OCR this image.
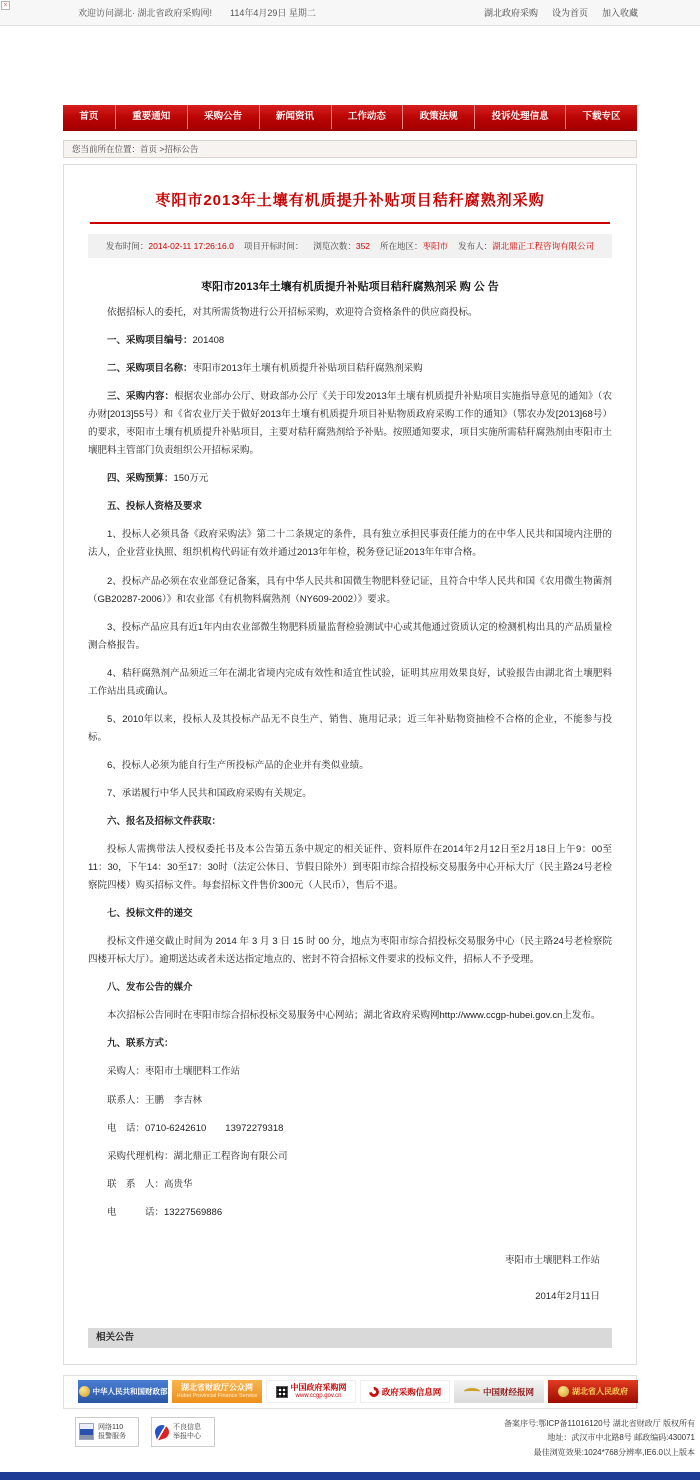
×
欢迎访问湖北· 湖北省政府采购网! 114年4月29日 星期二	湖北政府采购 设为首页 加入收藏
首页	重要通知	采购公告	新闻资讯	工作动态	政策法规	投诉处理信息	下载专区
您当前所在位置：首页 >招标公告
枣阳市2013年土壤有机质提升补贴项目秸秆腐熟剂采购
发布时间：2014-02-11 17:26:16.0 项目开标时间： 浏览次数：352 所在地区：枣阳市 发布人：湖北鼎正工程咨询有限公司
枣阳市2013年土壤有机质提升补贴项目秸秆腐熟剂采 购 公 告

依据招标人的委托，对其所需货物进行公开招标采购，欢迎符合资格条件的供应商投标。

一、采购项目编号：201408

二、采购项目名称：枣阳市2013年土壤有机质提升补贴项目秸秆腐熟剂采购

三、采购内容：根据农业部办公厅、财政部办公厅《关于印发2013年土壤有机质提升补贴项目实施指导意见的通知》（农办财[2013]55号）和《省农业厅关于做好2013年土壤有机质提升项目补贴物质政府采购工作的通知》（鄂农办发[2013]68号）的要求，枣阳市土壤有机质提升补贴项目，主要对秸秆腐熟剂给予补贴。按照通知要求，项目实施所需秸秆腐熟剂由枣阳市土壤肥料主管部门负责组织公开招标采购。

四、采购预算：150万元

五、投标人资格及要求

1、投标人必须具备《政府采购法》第二十二条规定的条件，具有独立承担民事责任能力的在中华人民共和国境内注册的法人，企业营业执照、组织机构代码证有效并通过2013年年检，税务登记证2013年年审合格。

2、投标产品必须在农业部登记备案，具有中华人民共和国微生物肥料登记证，且符合中华人民共和国《农用微生物菌剂（GB20287-2006）》和农业部《有机物料腐熟剂（NY609-2002）》要求。

3、投标产品应具有近1年内由农业部微生物肥料质量监督检验测试中心或其他通过资质认定的检测机构出具的产品质量检测合格报告。

4、秸秆腐熟剂产品须近三年在湖北省境内完成有效性和适宜性试验，证明其应用效果良好，试验报告由湖北省土壤肥料工作站出具或确认。

5、2010年以来，投标人及其投标产品无不良生产、销售、施用记录；近三年补贴物资抽检不合格的企业，不能参与投标。

6、投标人必须为能自行生产所投标产品的企业并有类似业绩。

7、承诺履行中华人民共和国政府采购有关规定。

六、报名及招标文件获取：

投标人需携带法人授权委托书及本公告第五条中规定的相关证件、资料原件在2014年2月12日至2月18日上午9：00至11：30，下午14：30至17：30时（法定公休日、节假日除外）到枣阳市综合招投标交易服务中心开标大厅（民主路24号老检察院四楼）购买招标文件。每套招标文件售价300元（人民币），售后不退。

七、投标文件的递交

投标文件递交截止时间为 2014 年 3 月 3 日 15 时 00 分，地点为枣阳市综合招投标交易服务中心（民主路24号老检察院四楼开标大厅）。逾期送达或者未送达指定地点的、密封不符合招标文件要求的投标文件，招标人不予受理。

八、发布公告的媒介

本次招标公告同时在枣阳市综合招标投标交易服务中心网站；湖北省政府采购网http://www.ccgp-hubei.gov.cn上发布。

九、联系方式：

采购人：枣阳市土壤肥料工作站

联系人：王鹏　李吉林

电　话：0710-6242610　　13972279318

采购代理机构：湖北鼎正工程咨询有限公司

联　系　人：高贵华

电　　　话：13227569886

枣阳市土壤肥料工作站
2014年2月11日
相关公告
中华人民共和国财政部 湖北省财政厅公众网
Hubei Provincial Finance Service
中国政府采购网
www.ccgp.gov.cn	政府采购信息网	中国财经报网	湖北省人民政府
网络110
报警服务
不良信息
举报中心
备案序号:鄂ICP备11016120号 湖北省财政厅 版权所有
地址：武汉市中北路8号 邮政编码:430071
最佳浏览效果:1024*768分辨率,IE6.0以上版本
